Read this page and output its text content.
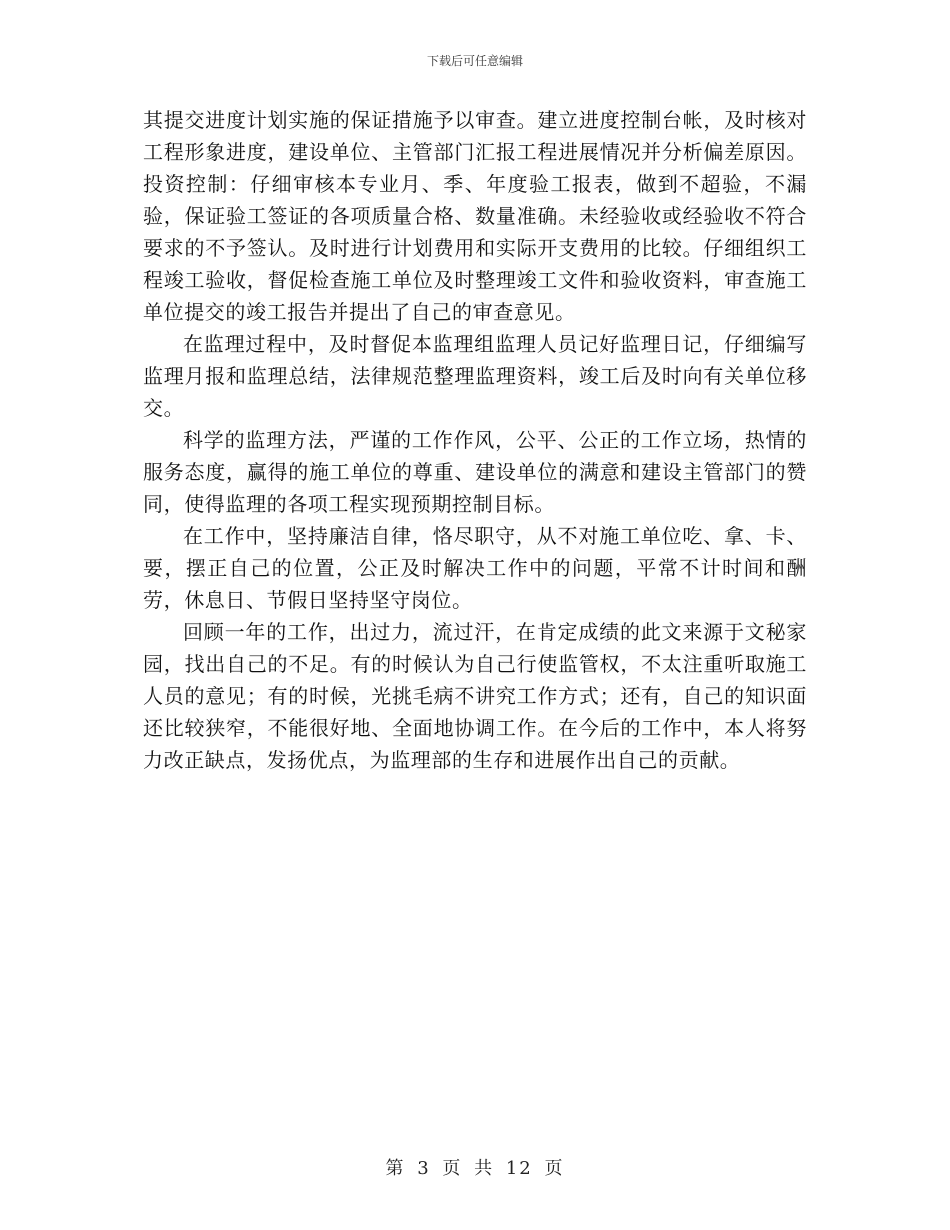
下载后可任意编辑

其提交进度计划实施的保证措施予以审查。建立进度控制台帐，及时核对工程形象进度，建设单位、主管部门汇报工程进展情况并分析偏差原因。投资控制：仔细审核本专业月、季、年度验工报表，做到不超验，不漏验，保证验工签证的各项质量合格、数量准确。未经验收或经验收不符合要求的不予签认。及时进行计划费用和实际开支费用的比较。仔细组织工程竣工验收，督促检查施工单位及时整理竣工文件和验收资料，审查施工单位提交的竣工报告并提出了自己的审查意见。

在监理过程中，及时督促本监理组监理人员记好监理日记，仔细编写监理月报和监理总结，法律规范整理监理资料，竣工后及时向有关单位移交。

科学的监理方法，严谨的工作作风，公平、公正的工作立场，热情的服务态度，赢得的施工单位的尊重、建设单位的满意和建设主管部门的赞同，使得监理的各项工程实现预期控制目标。

在工作中，坚持廉洁自律，恪尽职守，从不对施工单位吃、拿、卡、要，摆正自己的位置，公正及时解决工作中的问题，平常不计时间和酬劳，休息日、节假日坚持坚守岗位。

回顾一年的工作，出过力，流过汗，在肯定成绩的此文来源于文秘家园，找出自己的不足。有的时候认为自己行使监管权，不太注重听取施工人员的意见；有的时候，光挑毛病不讲究工作方式；还有，自己的知识面还比较狭窄，不能很好地、全面地协调工作。在今后的工作中，本人将努力改正缺点，发扬优点，为监理部的生存和进展作出自己的贡献。

第 3 页 共 12 页
